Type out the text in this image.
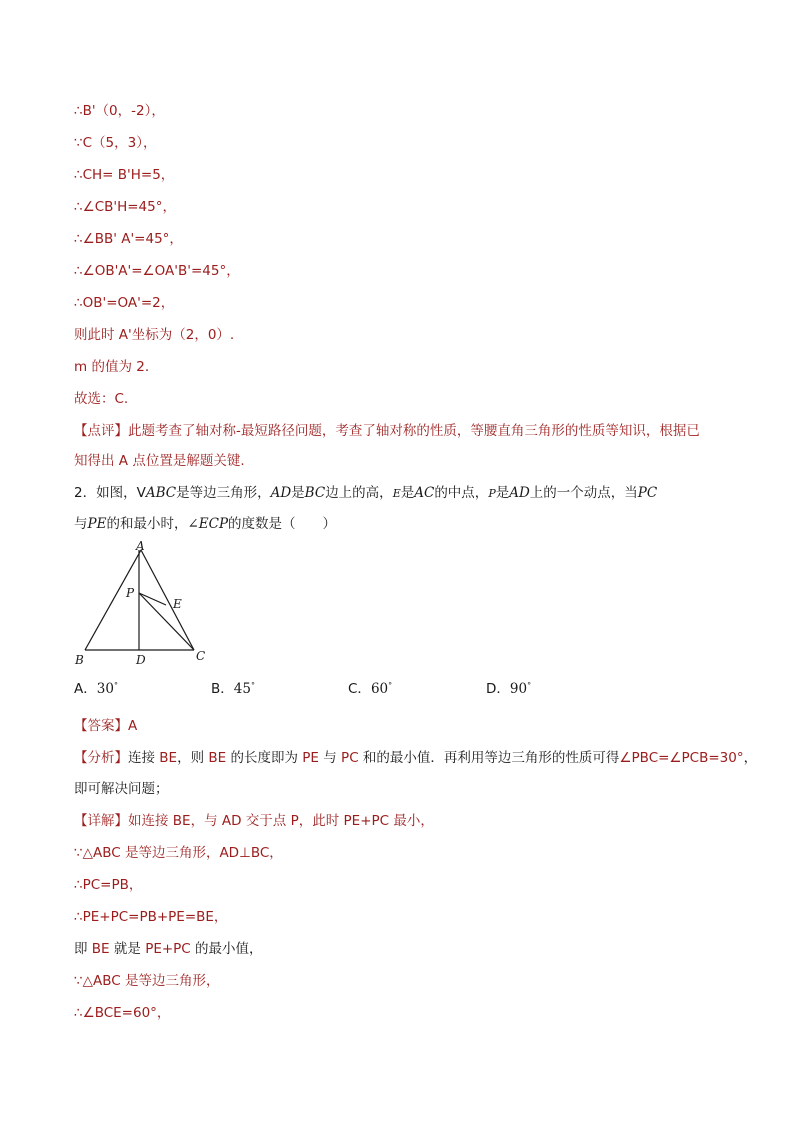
∴B'（0，-2），
∵C（5，3），
∴CH= B'H=5，
∴∠CB'H=45°，
∴∠BB' A'=45°，
∴∠OB'A'=∠OA'B'=45°，
∴OB'=OA'=2，
则此时 A'坐标为（2，0）.
m 的值为 2.
故选：C.
【点评】此题考查了轴对称-最短路径问题，考查了轴对称的性质，等腰直角三角形的性质等知识，根据已
知得出 A 点位置是解题关键.
2．如图，VABC是等边三角形，AD是BC边上的高，E是AC的中点，P是AD上的一个动点，当PC
与PE的和最小时，∠ECP的度数是（　　）
A
P
E
B	D	C
A．30°	B．45°	C．60°	D．90°
【答案】A
【分析】连接 BE，则 BE 的长度即为 PE 与 PC 和的最小值．再利用等边三角形的性质可得∠PBC=∠PCB=30°，
即可解决问题；
【详解】如连接 BE，与 AD 交于点 P，此时 PE+PC 最小，
∵△ABC 是等边三角形，AD⊥BC，
∴PC=PB，
∴PE+PC=PB+PE=BE，
即 BE 就是 PE+PC 的最小值，
∵△ABC 是等边三角形，
∴∠BCE=60°，
